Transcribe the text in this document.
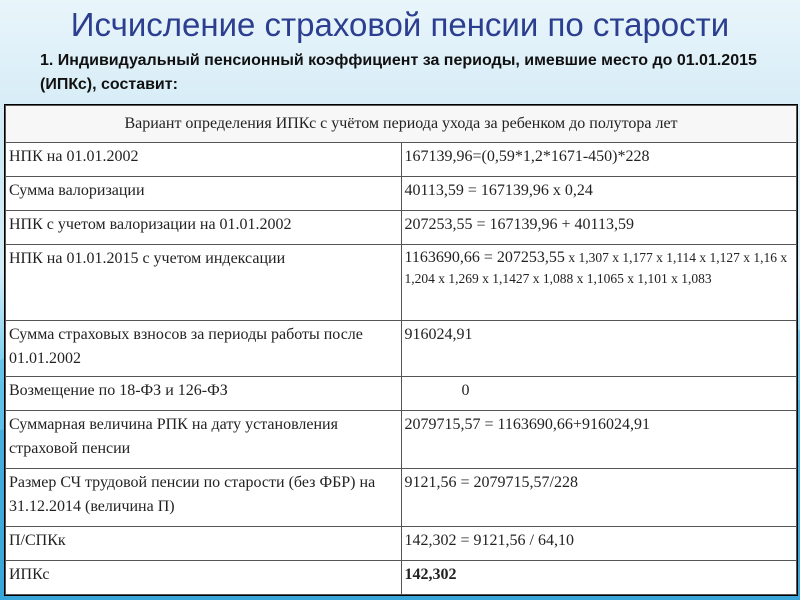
Исчисление страховой пенсии по старости
1. Индивидуальный пенсионный коэффициент за периоды, имевшие место до 01.01.2015 (ИПКс), составит:
Вариант определения ИПКс с учётом периода ухода за ребенком до полутора лет	
НПК на 01.01.2002	167139,96=(0,59*1,2*1671-450)*228
Сумма валоризации	40113,59 = 167139,96 х 0,24
НПК с учетом валоризации на 01.01.2002	207253,55 = 167139,96 + 40113,59
НПК на 01.01.2015 с учетом индексации	1163690,66 = 207253,55 х 1,307 х 1,177 х 1,114 х 1,127 х 1,16 х 1,204 х 1,269 х 1,1427 х 1,088 х 1,1065 х 1,101 х 1,083
Сумма страховых взносов за периоды работы после 01.01.2002	916024,91
Возмещение по 18-ФЗ и 126-ФЗ	0
Суммарная величина РПК на дату установления страховой пенсии	2079715,57 = 1163690,66+916024,91
Размер СЧ трудовой пенсии по старости (без ФБР) на 31.12.2014 (величина П)	9121,56 = 2079715,57/228
П/СПКк	142,302 = 9121,56 / 64,10
ИПКс	142,302
